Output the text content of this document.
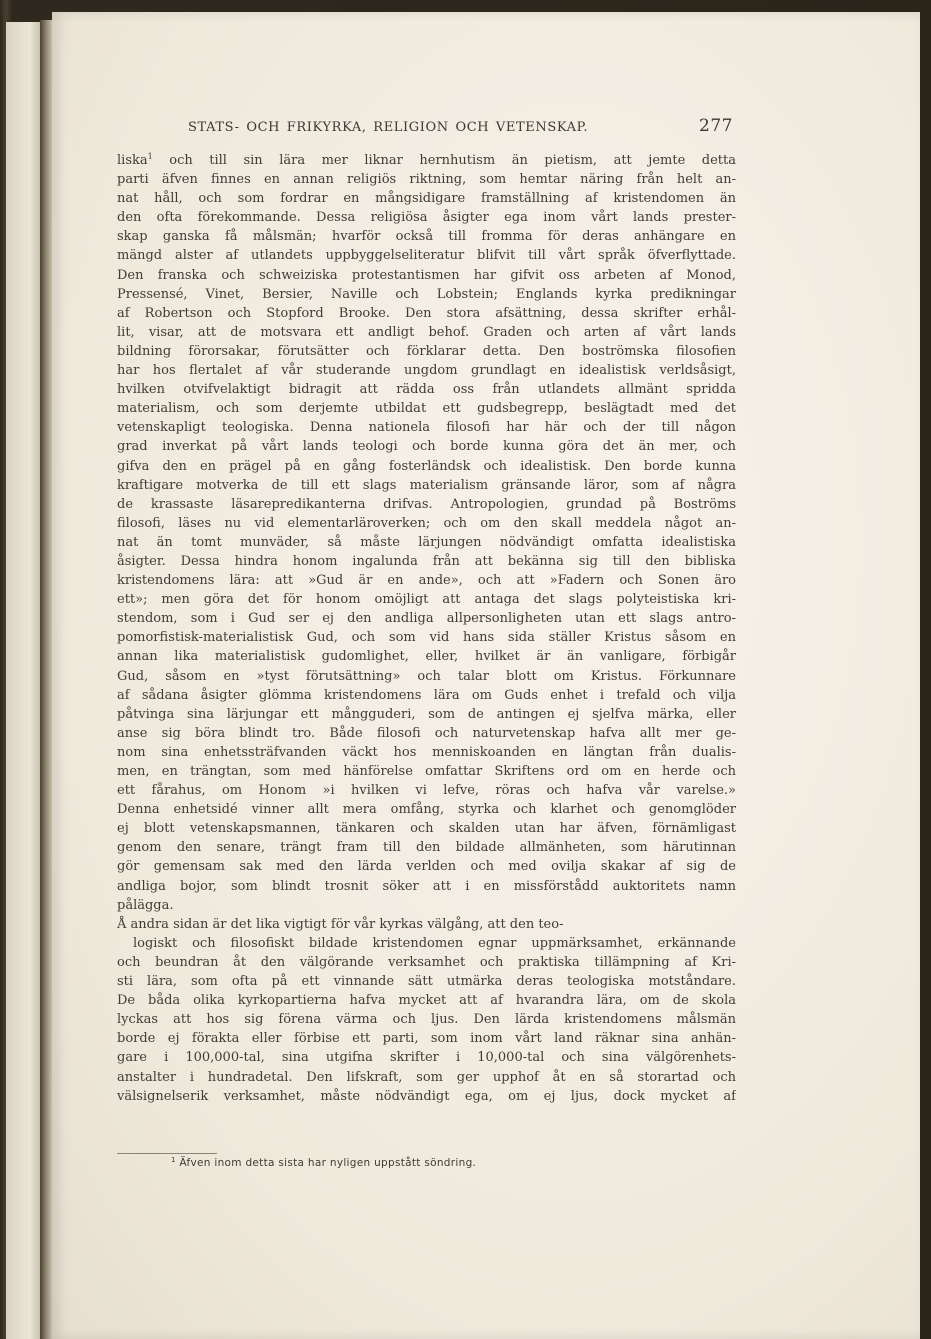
STATS- OCH FRIKYRKA, RELIGION OCH VETENSKAP.	277
liska$^1$ och till sin lära mer liknar hernhutism än pietism, att jemte detta
parti äfven finnes en annan religiös riktning, som hemtar näring från helt an-
nat håll, och som fordrar en mångsidigare framställning af kristendomen än
den ofta förekommande. Dessa religiösa åsigter ega inom vårt lands prester-
skap ganska få målsmän; hvarför också till fromma för deras anhängare en
mängd alster af utlandets uppbyggelseliteratur blifvit till vårt språk öfverflyttade.
Den franska och schweiziska protestantismen har gifvit oss arbeten af Monod,
Pressensé, Vinet, Bersier, Naville och Lobstein; Englands kyrka predikningar
af Robertson och Stopford Brooke. Den stora afsättning, dessa skrifter erhål-
lit, visar, att de motsvara ett andligt behof. Graden och arten af vårt lands
bildning förorsakar, förutsätter och förklarar detta. Den boströmska filosofien
har hos flertalet af vår studerande ungdom grundlagt en idealistisk verldsåsigt,
hvilken otvifvelaktigt bidragit att rädda oss från utlandets allmänt spridda
materialism, och som derjemte utbildat ett gudsbegrepp, beslägtadt med det
vetenskapligt teologiska. Denna nationela filosofi har här och der till någon
grad inverkat på vårt lands teologi och borde kunna göra det än mer, och
gifva den en prägel på en gång fosterländsk och idealistisk. Den borde kunna
kraftigare motverka de till ett slags materialism gränsande läror, som af några
de krassaste läsarepredikanterna drifvas. Antropologien, grundad på Boströms
filosofi, läses nu vid elementarläroverken; och om den skall meddela något an-
nat än tomt munväder, så måste lärjungen nödvändigt omfatta idealistiska
åsigter. Dessa hindra honom ingalunda från att bekänna sig till den bibliska
kristendomens lära: att »Gud är en ande», och att »Fadern och Sonen äro
ett»; men göra det för honom omöjligt att antaga det slags polyteistiska kri-
stendom, som i Gud ser ej den andliga allpersonligheten utan ett slags antro-
pomorfistisk-materialistisk Gud, och som vid hans sida ställer Kristus såsom en
annan lika materialistisk gudomlighet, eller, hvilket är än vanligare, förbigår
Gud, såsom en »tyst förutsättning» och talar blott om Kristus. Förkunnare
af sådana åsigter glömma kristendomens lära om Guds enhet i trefald och vilja
påtvinga sina lärjungar ett mångguderi, som de antingen ej sjelfva märka, eller
anse sig böra blindt tro. Både filosofi och naturvetenskap hafva allt mer ge-
nom sina enhetssträfvanden väckt hos menniskoanden en längtan från dualis-
men, en trängtan, som med hänförelse omfattar Skriftens ord om en herde och
ett fårahus, om Honom »i hvilken vi lefve, röras och hafva vår varelse.»
Denna enhetsidé vinner allt mera omfång, styrka och klarhet och genomglöder
ej blott vetenskapsmannen, tänkaren och skalden utan har äfven, förnämligast
genom den senare, trängt fram till den bildade allmänheten, som härutinnan
gör gemensam sak med den lärda verlden och med ovilja skakar af sig de
andliga bojor, som blindt trosnit söker att i en missförstådd auktoritets namn
pålägga.
Å andra sidan är det lika vigtigt för vår kyrkas välgång, att den teo-
logiskt och filosofiskt bildade kristendomen egnar uppmärksamhet, erkännande
och beundran åt den välgörande verksamhet och praktiska tillämpning af Kri-
sti lära, som ofta på ett vinnande sätt utmärka deras teologiska motståndare.
De båda olika kyrkopartierna hafva mycket att af hvarandra lära, om de skola
lyckas att hos sig förena värma och ljus. Den lärda kristendomens målsmän
borde ej förakta eller förbise ett parti, som inom vårt land räknar sina anhän-
gare i 100,000-tal, sina utgifna skrifter i 10,000-tal och sina välgörenhets-
anstalter i hundradetal. Den lifskraft, som ger upphof åt en så storartad och
välsignelserik verksamhet, måste nödvändigt ega, om ej ljus, dock mycket af
$^1$ Äfven inom detta sista har nyligen uppstått söndring.
